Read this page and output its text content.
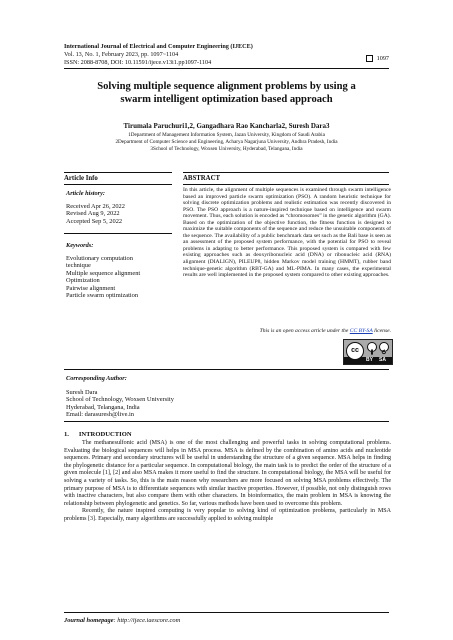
International Journal of Electrical and Computer Engineering (IJECE)
Vol. 13, No. 1, February 2023, pp. 1097~1104
ISSN: 2088-8708, DOI: 10.11591/ijece.v13i1.pp1097-1104
1097
Solving multiple sequence alignment problems by using a
swarm intelligent optimization based approach
Tirumala Paruchuri1,2, Gangadhara Rao Kancharla2, Suresh Dara3
1Department of Management Information System, Jazan University, Kingdom of Saudi Arabia
2Department of Computer Science and Engineering, Acharya Nagarjuna University, Andhra Pradesh, India
3School of Technology, Woxsen University, Hyderabad, Telangana, India
Article Info
Article history:
Received Apr 26, 2022
Revised Aug 9, 2022
Accepted Sep 5, 2022
Keywords:
Evolutionary computation
technique
Multiple sequence alignment
Optimization
Pairwise alignment
Particle swarm optimization
ABSTRACT
In this article, the alignment of multiple sequences is examined through swarm intelligence based an improved particle swarm optimization (PSO). A random heuristic technique for solving discrete optimization problems and realistic estimation was recently discovered in PSO. The PSO approach is a nature-inspired technique based on intelligence and swarm movement. Thus, each solution is encoded as “chromosomes” in the genetic algorithm (GA). Based on the optimization of the objective function, the fitness function is designed to maximize the suitable components of the sequence and reduce the unsuitable components of the sequence. The availability of a public benchmark data set such as the Bali base is seen as an assessment of the proposed system performance, with the potential for PSO to reveal problems in adapting to better performance. This proposed system is compared with few existing approaches such as deoxyribonucleic acid (DNA) or ribonucleic acid (RNA) alignment (DIALIGN), PILEUP8, hidden Markov model training (HMMT), rubber band technique-genetic algorithm (RBT-GA) and ML-PIMA. In many cases, the experimental results are well implemented in the proposed system compared to other existing approaches.
This is an open access article under the CC BY-SA license.
cc
BY SA
Corresponding Author:
Suresh Dara
School of Technology, Woxsen University
Hyderabad, Telangana, India
Email: darasuresh@live.in
1.      INTRODUCTION

The methanesulfonic acid (MSA) is one of the most challenging and powerful tasks in solving computational problems. Evaluating the biological sequences will helps in MSA process. MSA is defined by the combination of amino acids and nucleotide sequences. Primary and secondary structures will be useful in understanding the structure of a given sequence. MSA helps in finding the phylogenetic distance for a particular sequence. In computational biology, the main task is to predict the order of the structure of a given molecule [1], [2] and also MSA makes it more useful to find the structure. In computational biology, the MSA will be useful for solving a variety of tasks. So, this is the main reason why researchers are more focused on solving MSA problems effectively. The primary purpose of MSA is to differentiate sequences with similar inactive properties. However, if possible, not only distinguish rows with inactive characters, but also compare them with other characters. In bioinformatics, the main problem in MSA is knowing the relationship between phylogenetic and genetics. So far, various methods have been used to overcome this problem.

Recently, the nature inspired computing is very popular to solving kind of optimization problems, particularly in MSA problems [3]. Especially, many algorithms are successfully applied to solving multiple

Journal homepage: http://ijece.iaescore.com
